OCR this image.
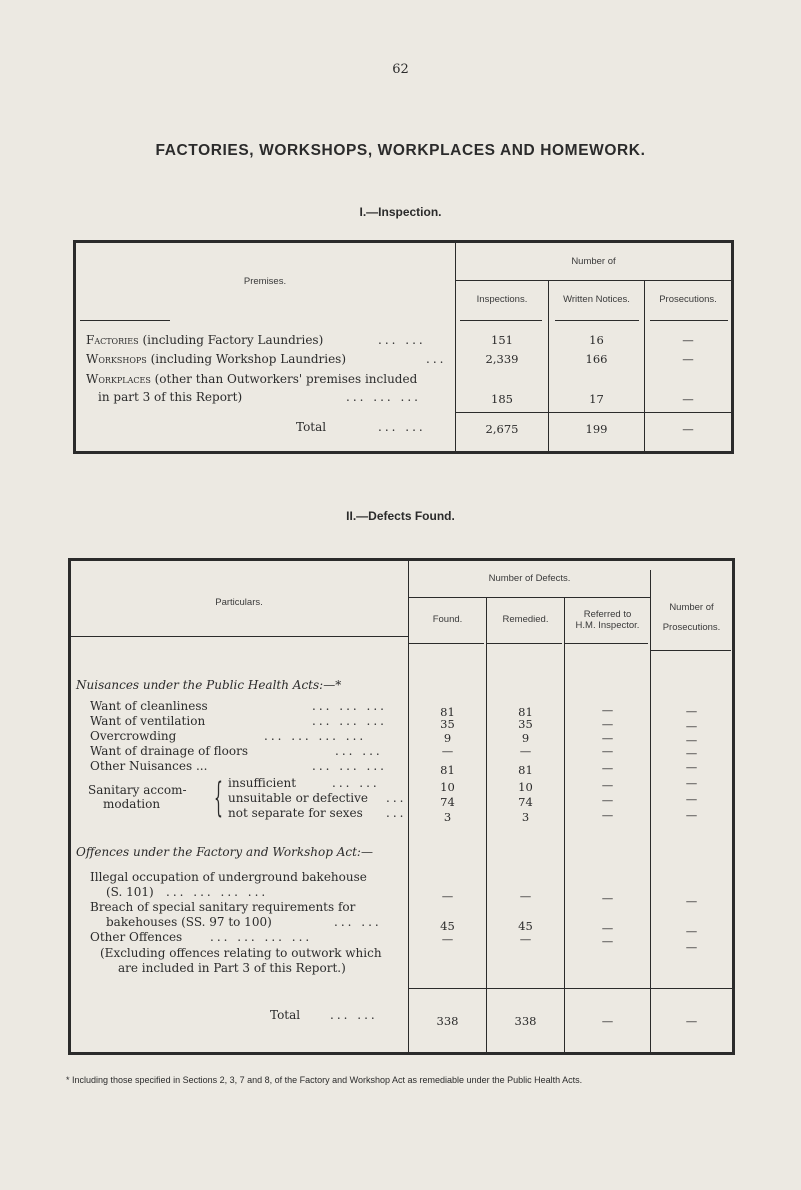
62
FACTORIES, WORKSHOPS, WORKPLACES AND HOMEWORK.
I.—Inspection.
Premises.
Number of
Inspections.	Written Notices.	Prosecutions.
Factories (including Factory Laundries)	... ...	151	16	—
Workshops (including Workshop Laundries)	...	2,339	166	—
Workplaces (other than Outworkers' premises included
in part 3 of this Report)	... ... ...	185	17	—
Total	... ...	2,675	199	—
II.—Defects Found.
Particulars.
Number of Defects.
Found.	Remedied.	Referred to
H.M. Inspector.
Number of
Prosecutions.
Nuisances under the Public Health Acts:—*
Want of cleanliness	... ... ...	81	81	—	—
Want of ventilation	... ... ...	35	35	—	—
Overcrowding	... ... ... ...	9	9	—	—
Want of drainage of floors	... ...	—	—	—	—
Other Nuisances ...	... ... ...	81	81	—	—
Sanitary accom-
modation	{ insufficient	... ...	10	10	—	—
unsuitable or defective ...	74	74	—	—
not separate for sexes ...	3	3	—	—
Offences under the Factory and Workshop Act:—
Illegal occupation of underground bakehouse
(S. 101) ... ... ... ...	—	—	—	—
Breach of special sanitary requirements for
bakehouses (SS. 97 to 100)	... ...	45	45	—	—
Other Offences ... ... ... ...	—	—	—	—
(Excluding offences relating to outwork which
are included in Part 3 of this Report.)
Total ... ...	338	338	—	—
* Including those specified in Sections 2, 3, 7 and 8, of the Factory and Workshop Act as remediable under the Public Health Acts.
